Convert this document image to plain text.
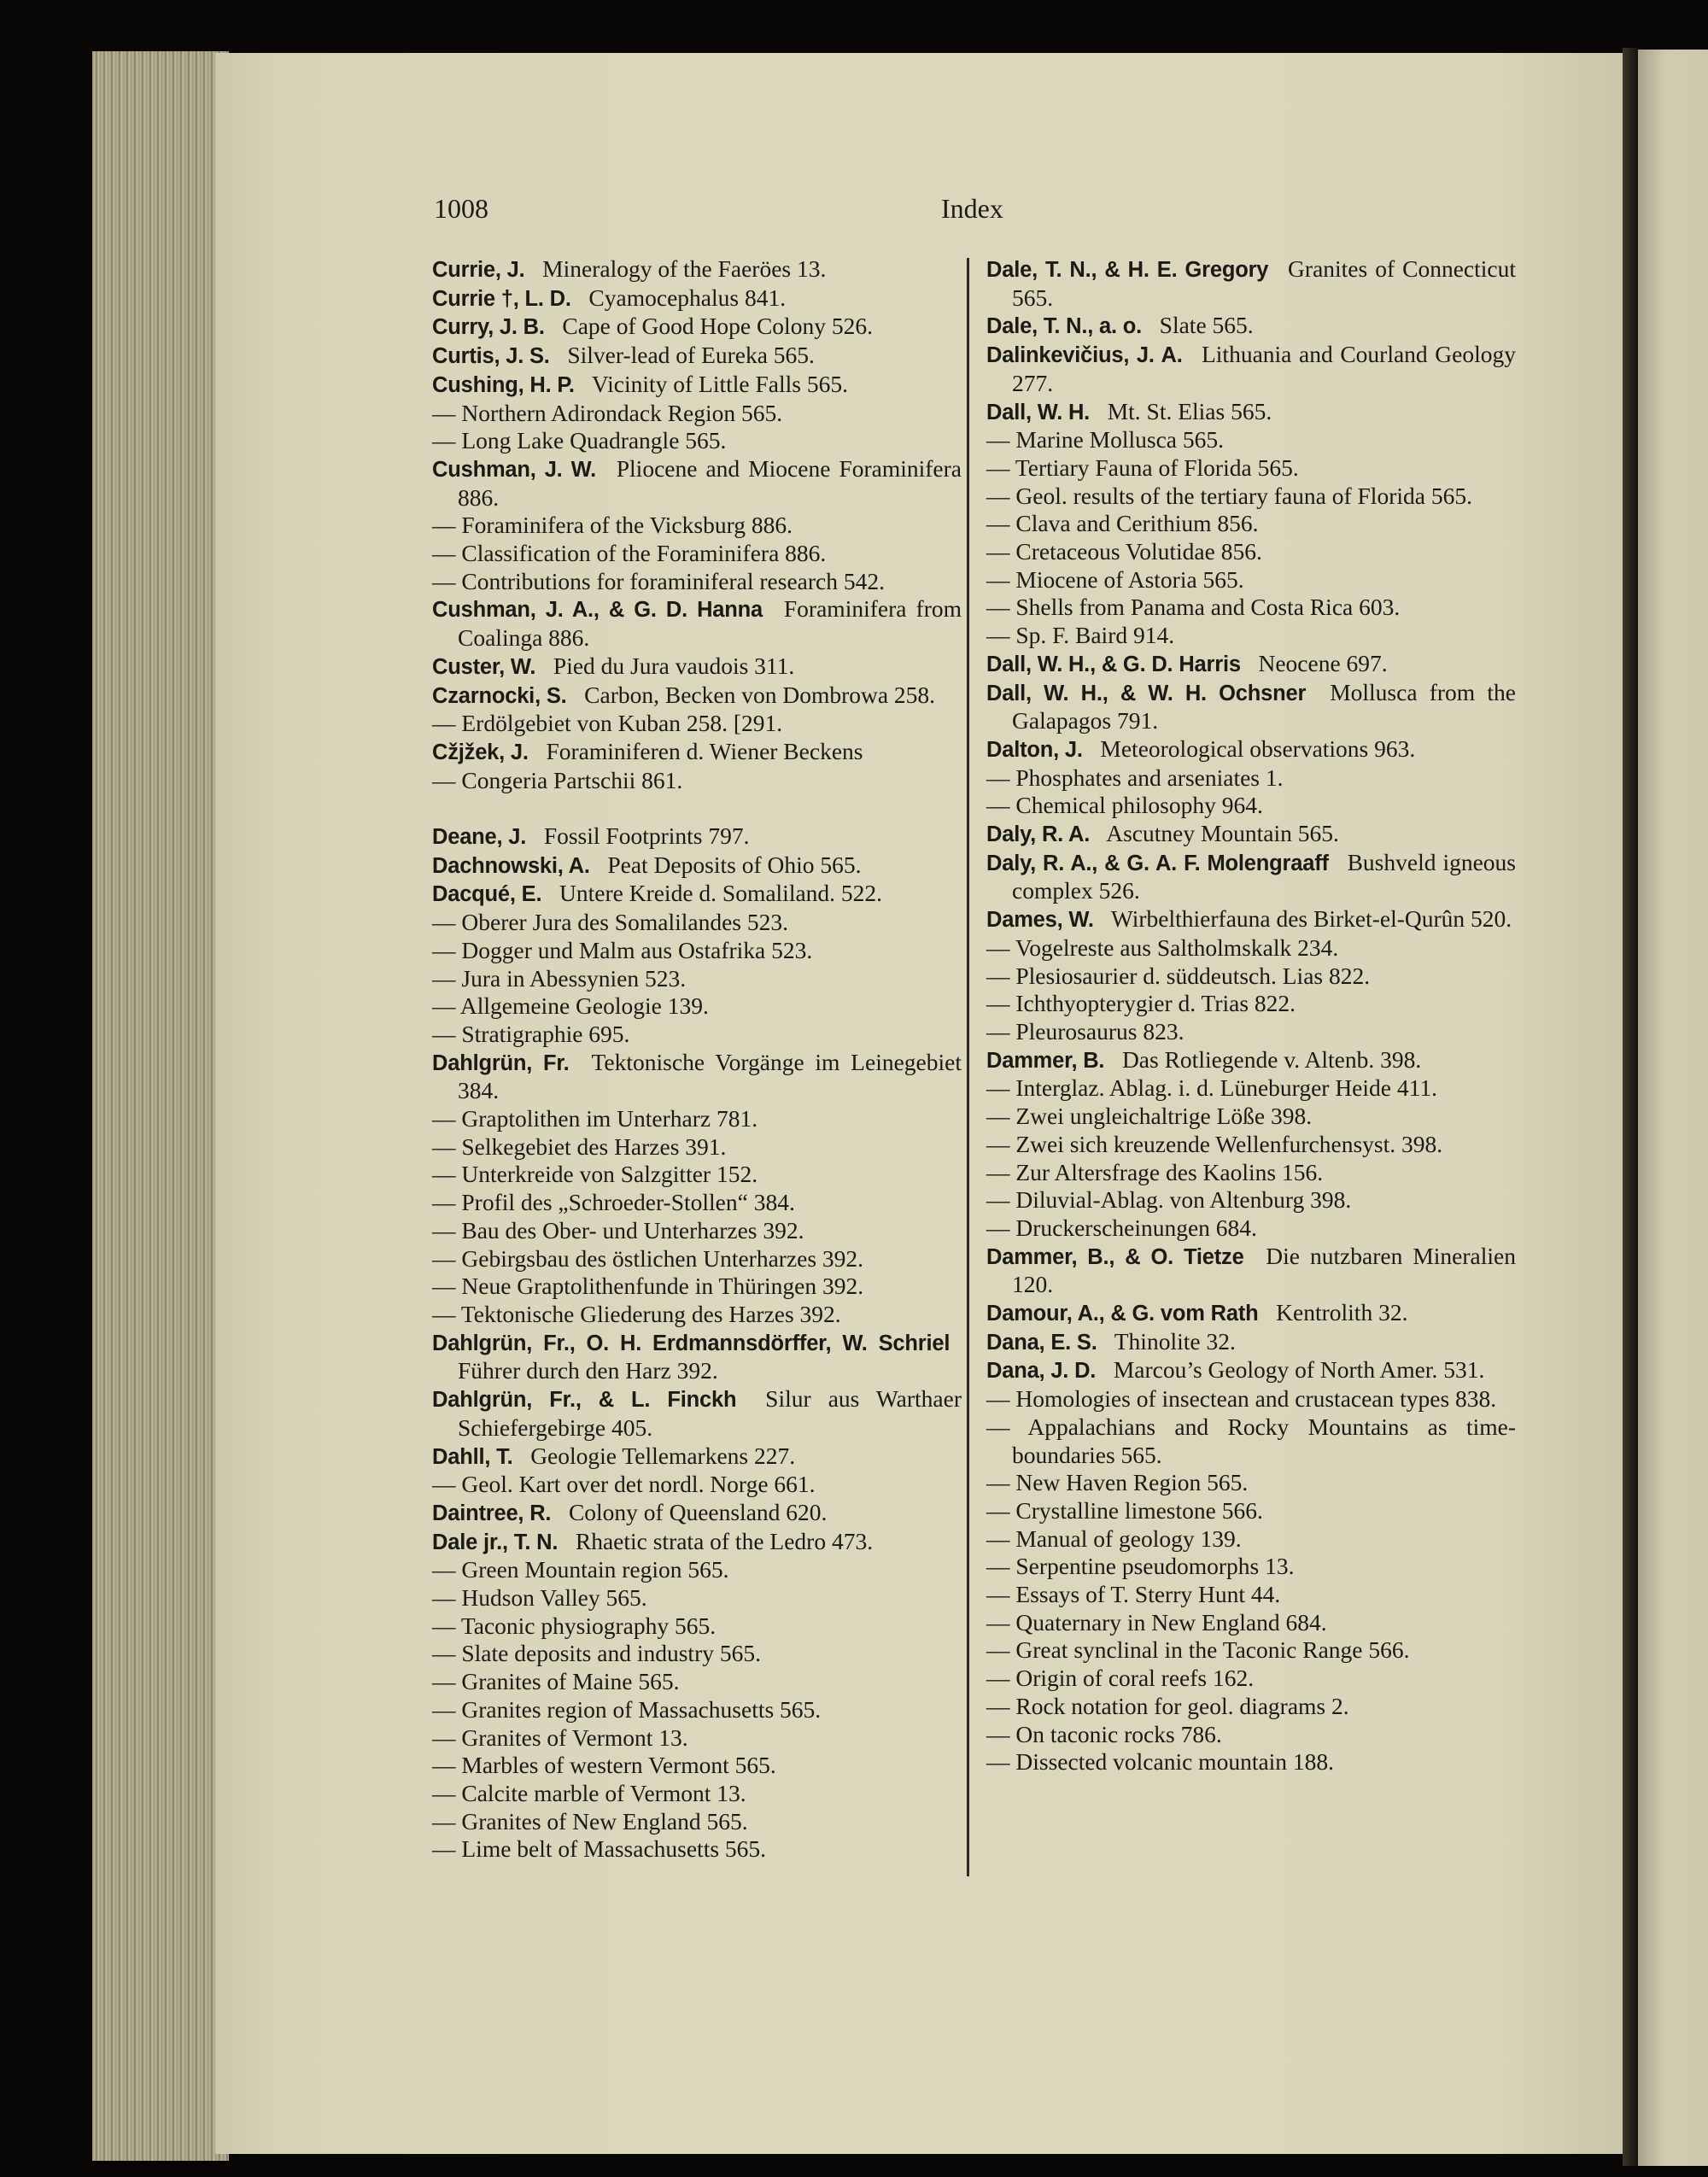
1008	Index
Currie, J.  Mineralogy of the Faeröes 13.
Currie †, L. D.  Cyamocephalus 841.
Curry, J. B.  Cape of Good Hope Colony 526.
Curtis, J. S.  Silver-lead of Eureka 565.
Cushing, H. P.  Vicinity of Little Falls 565.
— Northern Adirondack Region 565.
— Long Lake Quadrangle 565.
Cushman, J. W.  Pliocene and Miocene Foraminifera 886.
— Foraminifera of the Vicksburg 886.
— Classification of the Foraminifera 886.
— Contributions for foraminiferal research 542.
Cushman, J. A., & G. D. Hanna  Foraminifera from Coalinga 886.
Custer, W.  Pied du Jura vaudois 311.
Czarnocki, S.  Carbon, Becken von Dombrowa 258.
— Erdölgebiet von Kuban 258. [291.
Cžjžek, J.  Foraminiferen d. Wiener Beckens
— Congeria Partschii 861.
Deane, J.  Fossil Footprints 797.
Dachnowski, A.  Peat Deposits of Ohio 565.
Dacqué, E.  Untere Kreide d. Somaliland. 522.
— Oberer Jura des Somalilandes 523.
— Dogger und Malm aus Ostafrika 523.
— Jura in Abessynien 523.
— Allgemeine Geologie 139.
— Stratigraphie 695.
Dahlgrün, Fr.  Tektonische Vorgänge im Leinegebiet 384.
— Graptolithen im Unterharz 781.
— Selkegebiet des Harzes 391.
— Unterkreide von Salzgitter 152.
— Profil des „Schroeder-Stollen“ 384.
— Bau des Ober- und Unterharzes 392.
— Gebirgsbau des östlichen Unterharzes 392.
— Neue Graptolithenfunde in Thüringen 392.
— Tektonische Gliederung des Harzes 392.
Dahlgrün, Fr., O. H. Erdmannsdörffer, W. Schriel  Führer durch den Harz 392.
Dahlgrün, Fr., & L. Finckh  Silur aus Warthaer Schiefergebirge 405.
Dahll, T.  Geologie Tellemarkens 227.
— Geol. Kart over det nordl. Norge 661.
Daintree, R.  Colony of Queensland 620.
Dale jr., T. N.  Rhaetic strata of the Ledro 473.
— Green Mountain region 565.
— Hudson Valley 565.
— Taconic physiography 565.
— Slate deposits and industry 565.
— Granites of Maine 565.
— Granites region of Massachusetts 565.
— Granites of Vermont 13.
— Marbles of western Vermont 565.
— Calcite marble of Vermont 13.
— Granites of New England 565.
— Lime belt of Massachusetts 565.
Dale, T. N., & H. E. Gregory  Granites of Connecticut 565.
Dale, T. N., a. o.  Slate 565.
Dalinkevičius, J. A.  Lithuania and Courland Geology 277.
Dall, W. H.  Mt. St. Elias 565.
— Marine Mollusca 565.
— Tertiary Fauna of Florida 565.
— Geol. results of the tertiary fauna of Florida 565.
— Clava and Cerithium 856.
— Cretaceous Volutidae 856.
— Miocene of Astoria 565.
— Shells from Panama and Costa Rica 603.
— Sp. F. Baird 914.
Dall, W. H., & G. D. Harris  Neocene 697.
Dall, W. H., & W. H. Ochsner  Mollusca from the Galapagos 791.
Dalton, J.  Meteorological observations 963.
— Phosphates and arseniates 1.
— Chemical philosophy 964.
Daly, R. A.  Ascutney Mountain 565.
Daly, R. A., & G. A. F. Molengraaff  Bushveld igneous complex 526.
Dames, W.  Wirbelthierfauna des Birket-el-Qurûn 520.
— Vogelreste aus Saltholmskalk 234.
— Plesiosaurier d. süddeutsch. Lias 822.
— Ichthyopterygier d. Trias 822.
— Pleurosaurus 823.
Dammer, B.  Das Rotliegende v. Altenb. 398.
— Interglaz. Ablag. i. d. Lüneburger Heide 411.
— Zwei ungleichaltrige Löße 398.
— Zwei sich kreuzende Wellenfurchensyst. 398.
— Zur Altersfrage des Kaolins 156.
— Diluvial-Ablag. von Altenburg 398.
— Druckerscheinungen 684.
Dammer, B., & O. Tietze  Die nutzbaren Mineralien 120.
Damour, A., & G. vom Rath  Kentrolith 32.
Dana, E. S.  Thinolite 32.
Dana, J. D.  Marcou’s Geology of North Amer. 531.
— Homologies of insectean and crustacean types 838.
— Appalachians and Rocky Mountains as time-boundaries 565.
— New Haven Region 565.
— Crystalline limestone 566.
— Manual of geology 139.
— Serpentine pseudomorphs 13.
— Essays of T. Sterry Hunt 44.
— Quaternary in New England 684.
— Great synclinal in the Taconic Range 566.
— Origin of coral reefs 162.
— Rock notation for geol. diagrams 2.
— On taconic rocks 786.
— Dissected volcanic mountain 188.
